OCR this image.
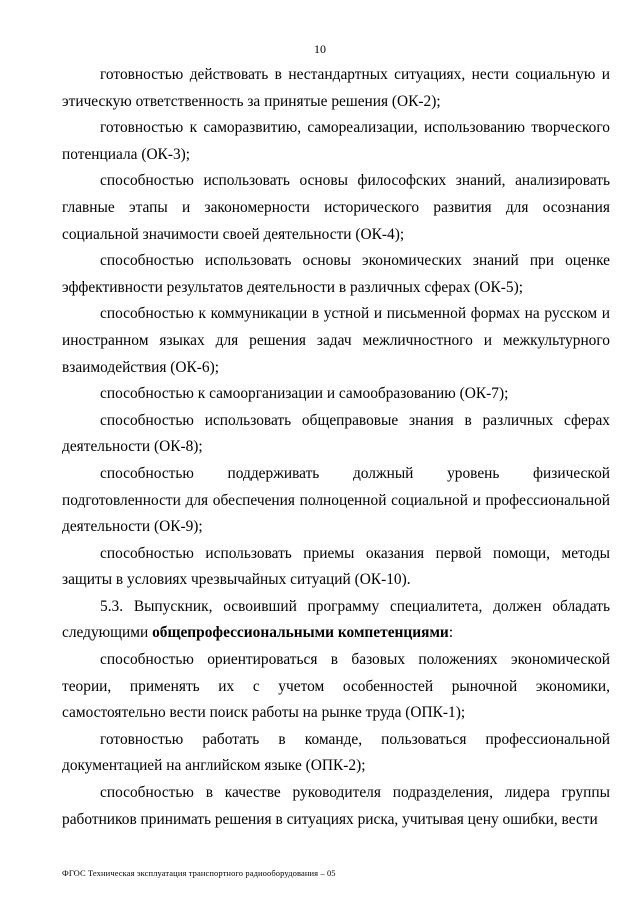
10

готовностью действовать в нестандартных ситуациях, нести социальную и этическую ответственность за принятые решения (ОК-2);

готовностью к саморазвитию, самореализации, использованию творческого потенциала (ОК-3);

способностью использовать основы философских знаний, анализировать главные этапы и закономерности исторического развития для осознания социальной значимости своей деятельности (ОК-4);

способностью использовать основы экономических знаний при оценке эффективности результатов деятельности в различных сферах (ОК-5);

способностью к коммуникации в устной и письменной формах на русском и иностранном языках для решения задач межличностного и межкультурного взаимодействия (ОК-6);

способностью к самоорганизации и самообразованию (ОК-7);

способностью использовать общеправовые знания в различных сферах деятельности (ОК-8);

способностью поддерживать должный уровень физической подготовленности для обеспечения полноценной социальной и профессиональной деятельности (ОК-9);

способностью использовать приемы оказания первой помощи, методы защиты в условиях чрезвычайных ситуаций (ОК-10).

5.3. Выпускник, освоивший программу специалитета, должен обладать следующими общепрофессиональными компетенциями:

способностью ориентироваться в базовых положениях экономической теории, применять их с учетом особенностей рыночной экономики, самостоятельно вести поиск работы на рынке труда (ОПК-1);

готовностью работать в команде, пользоваться профессиональной документацией на английском языке (ОПК-2);

способностью в качестве руководителя подразделения, лидера группы работников принимать решения в ситуациях риска, учитывая цену ошибки, вести

ФГОС Техническая эксплуатация транспортного радиооборудования – 05
